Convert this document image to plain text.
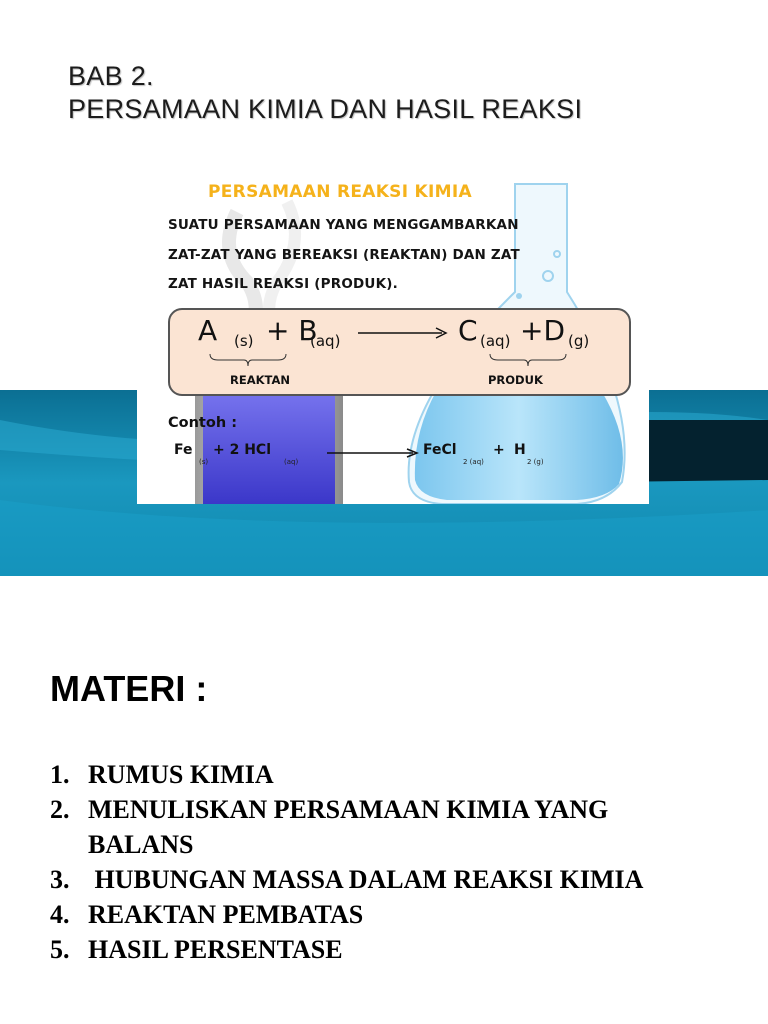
BAB 2.
PERSAMAAN KIMIA DAN HASIL REAKSI
PERSAMAAN REAKSI KIMIA
SUATU PERSAMAAN YANG MENGGAMBARKAN
ZAT-ZAT YANG BEREAKSI (REAKTAN) DAN ZAT
ZAT HASIL REAKSI (PRODUK).
A (s) + B
(aq)	C (aq) +D (g)
REAKTAN	PRODUK
Contoh :
Fe
(s)
+ 2 HCl
(aq)
FeCl
2 (aq)
+ H
2 (g)
MATERI :
1. RUMUS KIMIA
2. MENULISKAN PERSAMAAN KIMIA YANG BALANS
3. HUBUNGAN MASSA DALAM REAKSI KIMIA
4. REAKTAN PEMBATAS
5. HASIL PERSENTASE
